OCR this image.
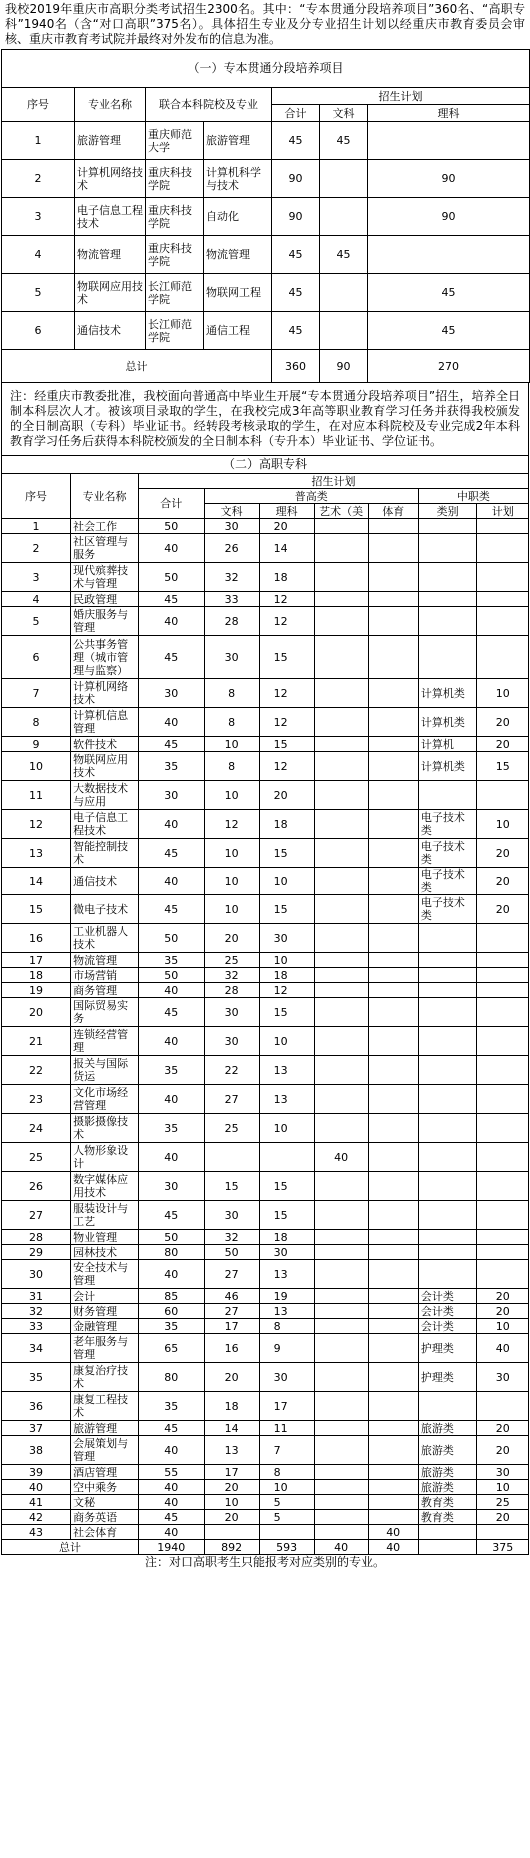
我校2019年重庆市高职分类考试招生2300名。其中：“专本贯通分段培养项目”360名、“高职专科”1940名（含“对口高职”375名）。具体招生专业及分专业招生计划以经重庆市教育委员会审核、重庆市教育考试院并最终对外发布的信息为准。

（一）专本贯通分段培养项目						
序号	专业名称	联合本科院校及专业		招生计划		
				合计	文科	理科
1	旅游管理	重庆师范大学	旅游管理	45	45	
2	计算机网络技术	重庆科技学院	计算机科学与技术	90		90
3	电子信息工程技术	重庆科技学院	自动化	90		90
4	物流管理	重庆科技学院	物流管理	45	45	
5	物联网应用技术	长江师范学院	物联网工程	45		45
6	通信技术	长江师范学院	通信工程	45		45
总计				360	90	270
注：经重庆市教委批准，我校面向普通高中毕业生开展“专本贯通分段培养项目”招生，培养全日制本科层次人才。被该项目录取的学生，在我校完成3年高等职业教育学习任务并获得我校颁发的全日制高职（专科）毕业证书。经转段考核录取的学生，在对应本科院校及专业完成2年本科教育学习任务后获得本科院校颁发的全日制本科（专升本）毕业证书、学位证书。
（二）高职专科								
序号	专业名称	招生计划						
		合计	普高类				中职类	
			文科	理科	艺术（美	体育	类别	计划
1	社会工作	50	30	20				
2	社区管理与服务	40	26	14				
3	现代殡葬技术与管理	50	32	18				
4	民政管理	45	33	12				
5	婚庆服务与管理	40	28	12				
6	公共事务管理（城市管理与监察）	45	30	15				
7	计算机网络技术	30	8	12			计算机类	10
8	计算机信息管理	40	8	12			计算机类	20
9	软件技术	45	10	15			计算机	20
10	物联网应用技术	35	8	12			计算机类	15
11	大数据技术与应用	30	10	20				
12	电子信息工程技术	40	12	18			电子技术类	10
13	智能控制技术	45	10	15			电子技术类	20
14	通信技术	40	10	10			电子技术类	20
15	微电子技术	45	10	15			电子技术类	20
16	工业机器人技术	50	20	30				
17	物流管理	35	25	10				
18	市场营销	50	32	18				
19	商务管理	40	28	12				
20	国际贸易实务	45	30	15				
21	连锁经营管理	40	30	10				
22	报关与国际货运	35	22	13				
23	文化市场经营管理	40	27	13				
24	摄影摄像技术	35	25	10				
25	人物形象设计	40			40			
26	数字媒体应用技术	30	15	15				
27	服装设计与工艺	45	30	15				
28	物业管理	50	32	18				
29	园林技术	80	50	30				
30	安全技术与管理	40	27	13				
31	会计	85	46	19			会计类	20
32	财务管理	60	27	13			会计类	20
33	金融管理	35	17	8			会计类	10
34	老年服务与管理	65	16	9			护理类	40
35	康复治疗技术	80	20	30			护理类	30
36	康复工程技术	35	18	17				
37	旅游管理	45	14	11			旅游类	20
38	会展策划与管理	40	13	7			旅游类	20
39	酒店管理	55	17	8			旅游类	30
40	空中乘务	40	20	10			旅游类	10
41	文秘	40	10	5			教育类	25
42	商务英语	45	20	5			教育类	20
43	社会体育	40				40		
总计		1940	892	593	40	40		375

注：对口高职考生只能报考对应类别的专业。
